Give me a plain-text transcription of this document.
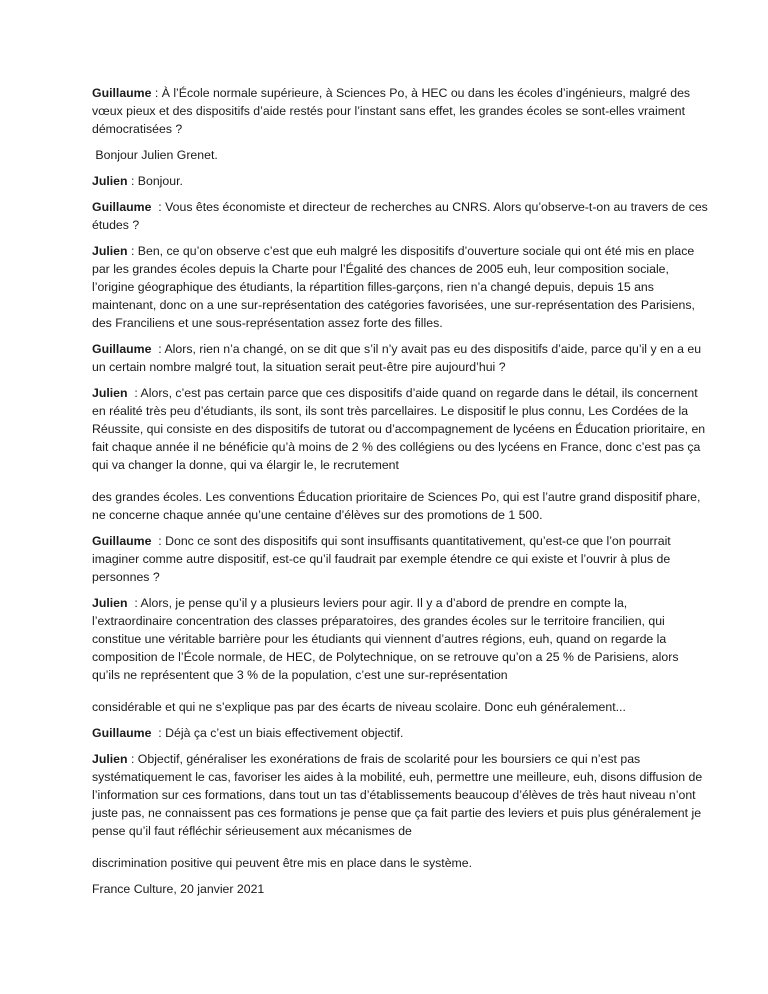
Guillaume : À l’École normale supérieure, à Sciences Po, à HEC ou dans les écoles d’ingénieurs, malgré des vœux pieux et des dispositifs d’aide restés pour l’instant sans effet, les grandes écoles se sont-elles vraiment démocratisées ?

Bonjour Julien Grenet.

Julien : Bonjour.

Guillaume  : Vous êtes économiste et directeur de recherches au CNRS. Alors qu’observe-t-on au travers de ces études ?

Julien : Ben, ce qu’on observe c’est que euh malgré les dispositifs d’ouverture sociale qui ont été mis en place par les grandes écoles depuis la Charte pour l’Égalité des chances de 2005 euh, leur composition sociale, l’origine géographique des étudiants, la répartition filles-garçons, rien n’a changé depuis, depuis 15 ans maintenant, donc on a une sur-représentation des catégories favorisées, une sur-représentation des Parisiens, des Franciliens et une sous-représentation assez forte des filles.

Guillaume  : Alors, rien n’a changé, on se dit que s’il n’y avait pas eu des dispositifs d’aide, parce qu’il y en a eu un certain nombre malgré tout, la situation serait peut-être pire aujourd’hui ?

Julien  : Alors, c’est pas certain parce que ces dispositifs d’aide quand on regarde dans le détail, ils concernent en réalité très peu d’étudiants, ils sont, ils sont très parcellaires. Le dispositif le plus connu, Les Cordées de la Réussite, qui consiste en des dispositifs de tutorat ou d’accompagnement de lycéens en Éducation prioritaire, en fait chaque année il ne bénéficie qu’à moins de 2 % des collégiens ou des lycéens en France, donc c’est pas ça qui va changer la donne, qui va élargir le, le recrutement

des grandes écoles. Les conventions Éducation prioritaire de Sciences Po, qui est l’autre grand dispositif phare, ne concerne chaque année qu’une centaine d’élèves sur des promotions de 1 500.

Guillaume  : Donc ce sont des dispositifs qui sont insuffisants quantitativement, qu’est-ce que l’on pourrait imaginer comme autre dispositif, est-ce qu’il faudrait par exemple étendre ce qui existe et l’ouvrir à plus de personnes ?

Julien  : Alors, je pense qu’il y a plusieurs leviers pour agir. Il y a d’abord de prendre en compte la, l’extraordinaire concentration des classes préparatoires, des grandes écoles sur le territoire francilien, qui constitue une véritable barrière pour les étudiants qui viennent d’autres régions, euh, quand on regarde la composition de l’École normale, de HEC, de Polytechnique, on se retrouve qu’on a 25 % de Parisiens, alors qu’ils ne représentent que 3 % de la population, c’est une sur-représentation

considérable et qui ne s’explique pas par des écarts de niveau scolaire. Donc euh généralement...

Guillaume  : Déjà ça c’est un biais effectivement objectif.

Julien : Objectif, généraliser les exonérations de frais de scolarité pour les boursiers ce qui n’est pas systématiquement le cas, favoriser les aides à la mobilité, euh, permettre une meilleure, euh, disons diffusion de l’information sur ces formations, dans tout un tas d’établissements beaucoup d’élèves de très haut niveau n’ont juste pas, ne connaissent pas ces formations je pense que ça fait partie des leviers et puis plus généralement je pense qu’il faut réfléchir sérieusement aux mécanismes de

discrimination positive qui peuvent être mis en place dans le système.

France Culture, 20 janvier 2021
